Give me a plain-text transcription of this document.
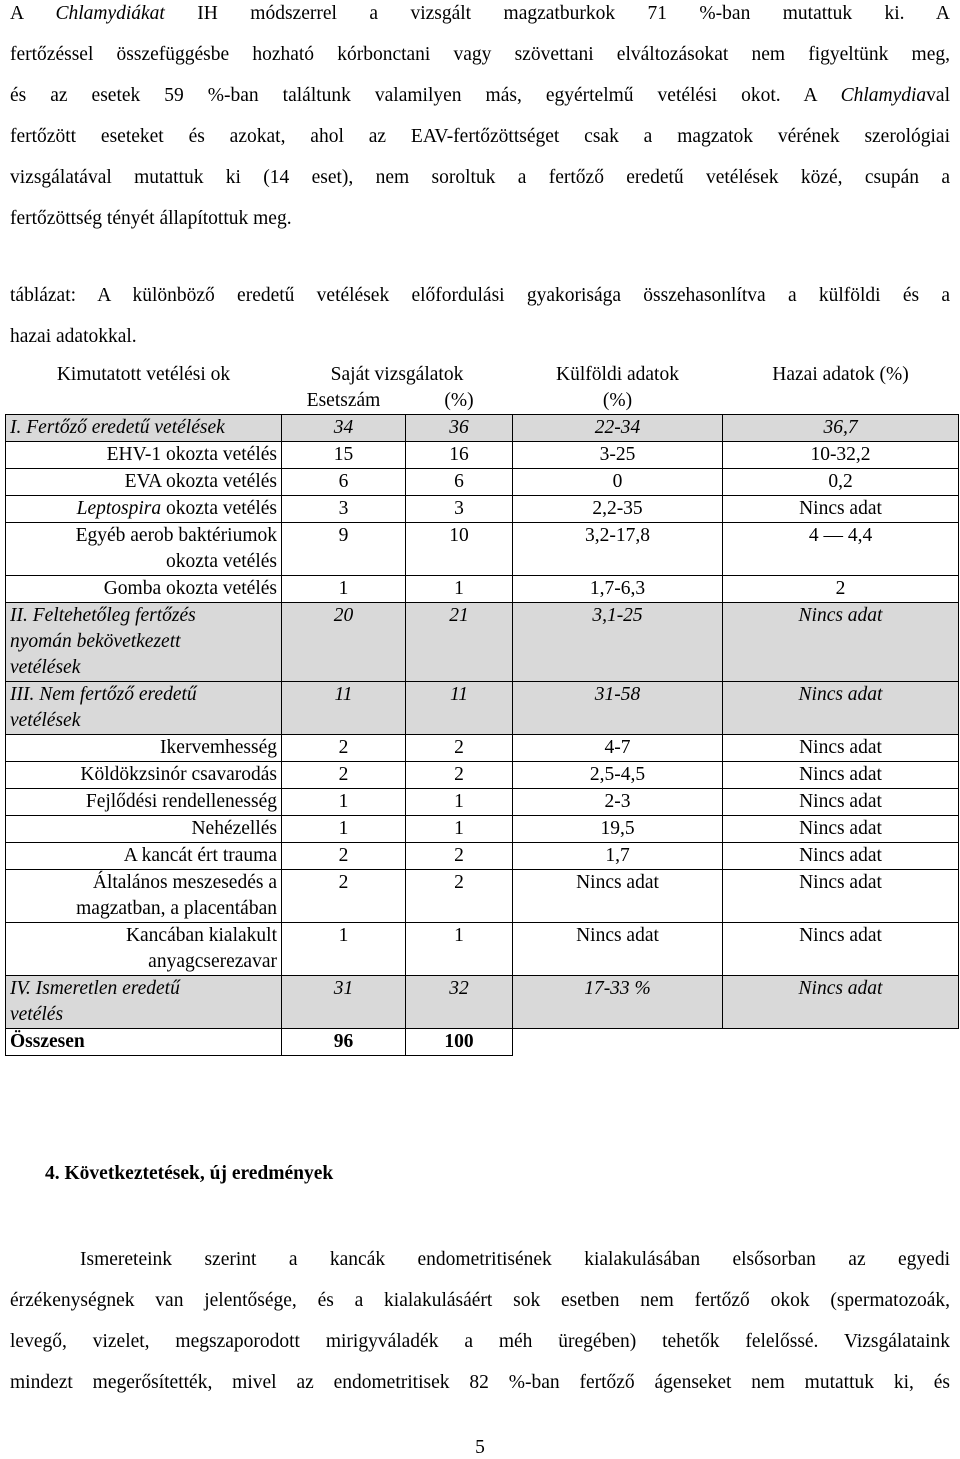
A Chlamydiákat IH módszerrel a vizsgált magzatburkok 71 %-ban mutattuk ki. A
fertőzéssel összefüggésbe hozható kórbonctani vagy szövettani elváltozásokat nem figyeltünk meg,
és az esetek 59 %-ban találtunk valamilyen más, egyértelmű vetélési okot. A Chlamydiaval
fertőzött eseteket és azokat, ahol az EAV-fertőzöttséget csak a magzatok vérének szerológiai
vizsgálatával mutattuk ki (14 eset), nem soroltuk a fertőző eredetű vetélések közé, csupán a
fertőzöttség tényét állapítottuk meg.
táblázat: A különböző eredetű vetélések előfordulási gyakorisága összehasonlítva a külföldi és a
hazai adatokkal.
Kimutatott vetélési ok	Saját vizsgálatok		Külföldi adatok	Hazai adatok (%)
	Esetszám	(%)	(%)	
I. Fertőző eredetű vetélések	34	36	22-34	36,7
EHV-1 okozta vetélés	15	16	3-25	10-32,2
EVA okozta vetélés	6	6	0	0,2
Leptospira okozta vetélés	3	3	2,2-35	Nincs adat
Egyéb aerob baktériumok
okozta vetélés	9	10	3,2-17,8	4 — 4,4
Gomba okozta vetélés	1	1	1,7-6,3	2
II. Feltehetőleg fertőzés
nyomán bekövetkezett
vetélések	20	21	3,1-25	Nincs adat
III. Nem fertőző eredetű
vetélések	11	11	31-58	Nincs adat
Ikervemhesség	2	2	4-7	Nincs adat
Köldökzsinór csavarodás	2	2	2,5-4,5	Nincs adat
Fejlődési rendellenesség	1	1	2-3	Nincs adat
Nehézellés	1	1	19,5	Nincs adat
A kancát ért trauma	2	2	1,7	Nincs adat
Általános meszesedés a
magzatban, a placentában	2	2	Nincs adat	Nincs adat
Kancában kialakult
anyagcserezavar	1	1	Nincs adat	Nincs adat
IV. Ismeretlen eredetű
vetélés	31	32	17-33 %	Nincs adat
Összesen	96	100		

4. Következtetések, új eredmények

Ismereteink szerint a kancák endometritisének kialakulásában elsősorban az egyedi
érzékenységnek van jelentősége, és a kialakulásáért sok esetben nem fertőző okok (spermatozoák,
levegő, vizelet, megszaporodott mirigyváladék a méh üregében) tehetők felelőssé. Vizsgálataink
mindezt megerősítették, mivel az endometritisek 82 %-ban fertőző ágenseket nem mutattuk ki, és

5
